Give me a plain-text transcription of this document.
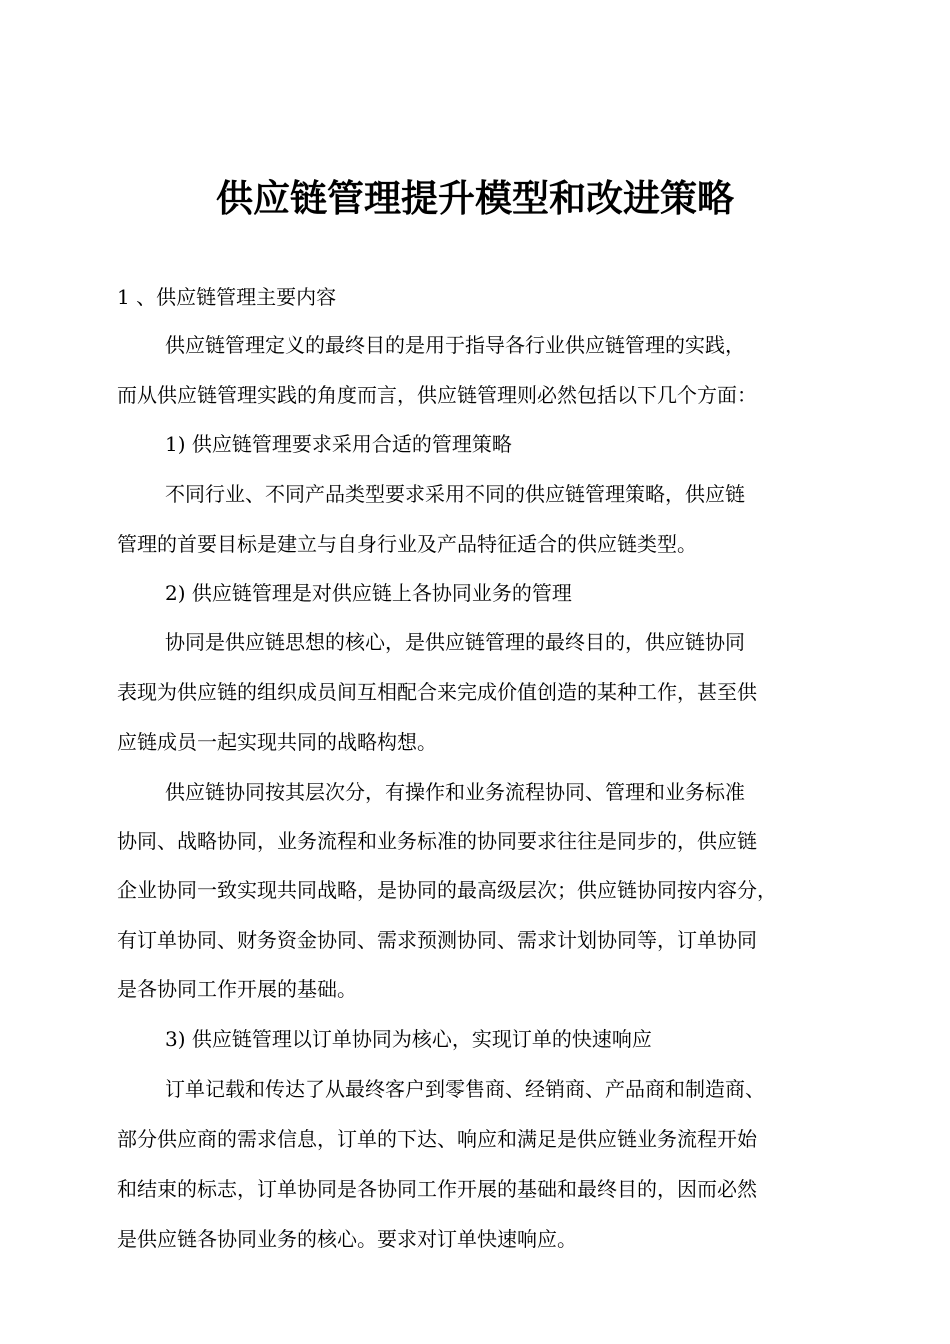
供应链管理提升模型和改进策略
1 、供应链管理主要内容
供应链管理定义的最终目的是用于指导各行业供应链管理的实践，
而从供应链管理实践的角度而言，供应链管理则必然包括以下几个方面：
1) 供应链管理要求采用合适的管理策略
不同行业、不同产品类型要求采用不同的供应链管理策略，供应链
管理的首要目标是建立与自身行业及产品特征适合的供应链类型。
2) 供应链管理是对供应链上各协同业务的管理
协同是供应链思想的核心，是供应链管理的最终目的，供应链协同
表现为供应链的组织成员间互相配合来完成价值创造的某种工作，甚至供
应链成员一起实现共同的战略构想。
供应链协同按其层次分，有操作和业务流程协同、管理和业务标准
协同、战略协同，业务流程和业务标准的协同要求往往是同步的，供应链
企业协同一致实现共同战略，是协同的最高级层次；供应链协同按内容分，
有订单协同、财务资金协同、需求预测协同、需求计划协同等，订单协同
是各协同工作开展的基础。
3) 供应链管理以订单协同为核心，实现订单的快速响应
订单记载和传达了从最终客户到零售商、经销商、产品商和制造商、
部分供应商的需求信息，订单的下达、响应和满足是供应链业务流程开始
和结束的标志，订单协同是各协同工作开展的基础和最终目的，因而必然
是供应链各协同业务的核心。要求对订单快速响应。
